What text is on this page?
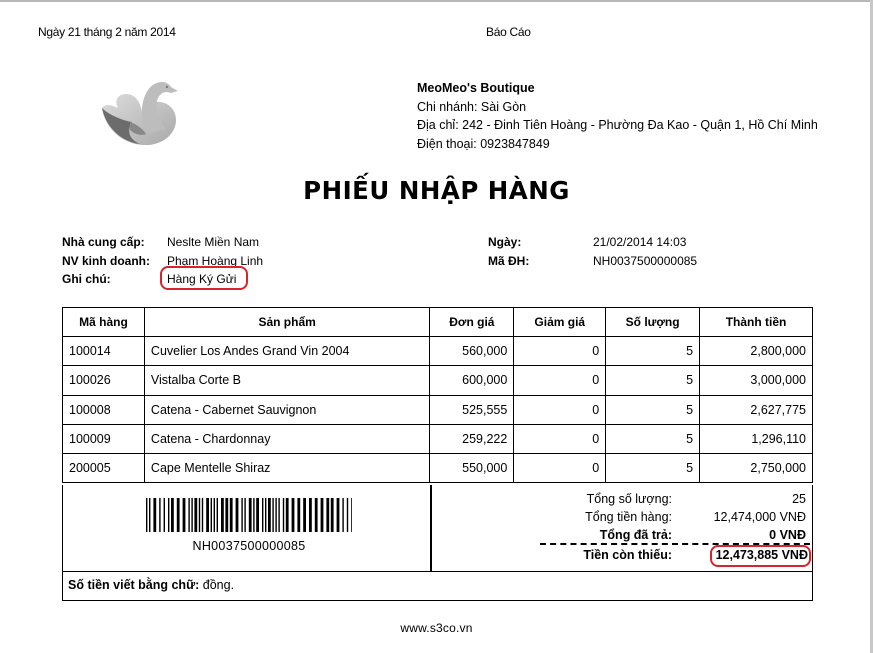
Ngày 21 tháng 2 năm 2014	Báo Cáo
MeoMeo's Boutique
Chi nhánh: Sài Gòn
Địa chỉ: 242 - Đinh Tiên Hoàng - Phường Đa Kao - Quận 1, Hồ Chí Minh
Điện thoại: 0923847849
PHIẾU NHẬP HÀNG
Nhà cung cấp: Neslte Miền Nam
NV kinh doanh: Phạm Hoàng Linh
Ghi chú:	Hàng Ký Gửi
Ngày:	21/02/2014 14:03
Mã ĐH:	NH0037500000085
Mã hàng	Sản phẩm	Đơn giá	Giảm giá	Số lượng	Thành tiền
100014	Cuvelier Los Andes Grand Vin 2004	560,000	0	5	2,800,000
100026	Vistalba Corte B	600,000	0	5	3,000,000
100008	Catena - Cabernet Sauvignon	525,555	0	5	2,627,775
100009	Catena - Chardonnay	259,222	0	5	1,296,110
200005	Cape Mentelle Shiraz	550,000	0	5	2,750,000
NH0037500000085
Tổng số lượng:	25
Tổng tiền hàng:	12,474,000 VNĐ
Tổng đã trả:	0 VNĐ
Tiền còn thiếu:	12,473,885 VNĐ
Số tiền viết bằng chữ: đồng.
www.s3co.vn
